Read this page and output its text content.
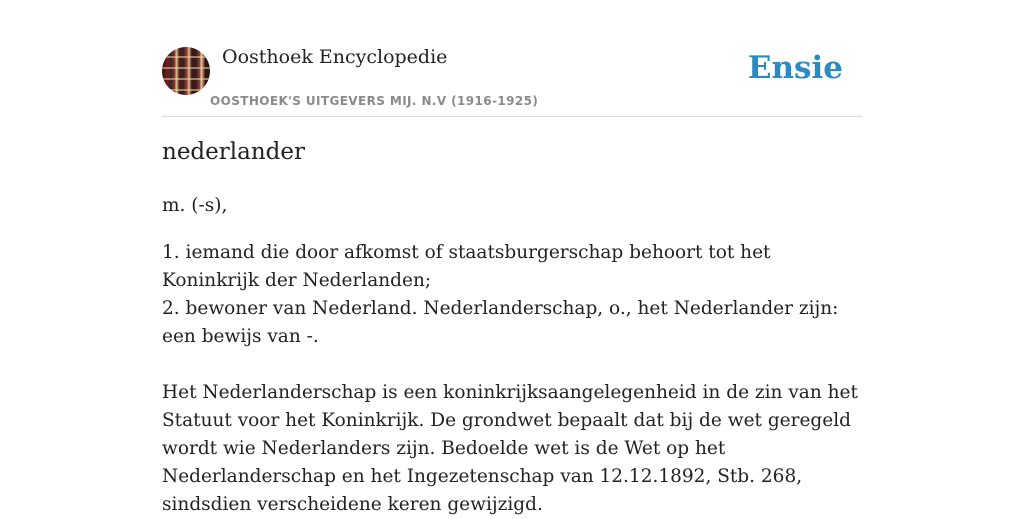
Oosthoek Encyclopedie
OOSTHOEK'S UITGEVERS MIJ. N.V (1916-1925)
Ensie
nederlander

m. (-s),

1. iemand die door afkomst of staatsburgerschap behoort tot het Koninkrijk der Nederlanden;
2. bewoner van Nederland. Nederlanderschap, o., het Nederlander zijn: een bewijs van -.

Het Nederlanderschap is een koninkrijksaangelegenheid in de zin van het Statuut voor het Koninkrijk. De grondwet bepaalt dat bij de wet geregeld wordt wie Nederlanders zijn. Bedoelde wet is de Wet op het Nederlanderschap en het Ingezetenschap van 12.12.1892, Stb. 268, sindsdien verscheidene keren gewijzigd.
